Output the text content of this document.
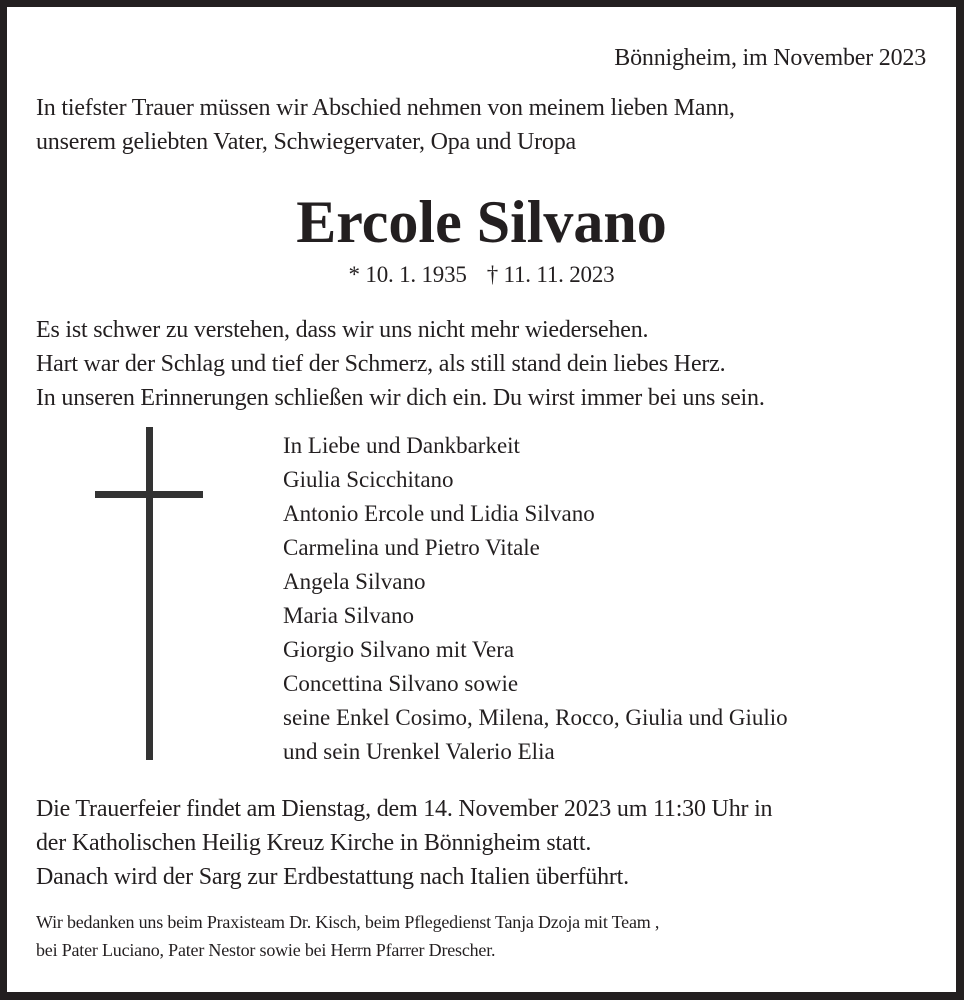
Bönnigheim, im November 2023
In tiefster Trauer müssen wir Abschied nehmen von meinem lieben Mann,
unserem geliebten Vater, Schwiegervater, Opa und Uropa
Ercole Silvano
* 10. 1. 1935 † 11. 11. 2023
Es ist schwer zu verstehen, dass wir uns nicht mehr wiedersehen.
Hart war der Schlag und tief der Schmerz, als still stand dein liebes Herz.
In unseren Erinnerungen schließen wir dich ein. Du wirst immer bei uns sein.
In Liebe und Dankbarkeit
Giulia Scicchitano
Antonio Ercole und Lidia Silvano
Carmelina und Pietro Vitale
Angela Silvano
Maria Silvano
Giorgio Silvano mit Vera
Concettina Silvano sowie
seine Enkel Cosimo, Milena, Rocco, Giulia und Giulio
und sein Urenkel Valerio Elia
Die Trauerfeier findet am Dienstag, dem 14. November 2023 um 11:30 Uhr in
der Katholischen Heilig Kreuz Kirche in Bönnigheim statt.
Danach wird der Sarg zur Erdbestattung nach Italien überführt.
Wir bedanken uns beim Praxisteam Dr. Kisch, beim Pflegedienst Tanja Dzoja mit Team ,
bei Pater Luciano, Pater Nestor sowie bei Herrn Pfarrer Drescher.
